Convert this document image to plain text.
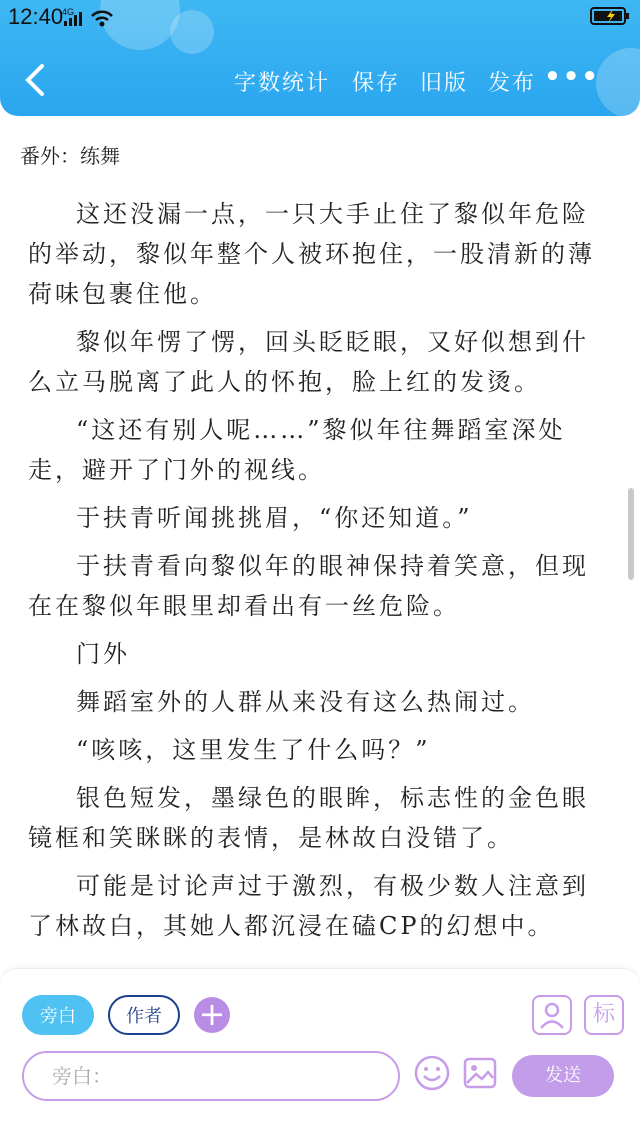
12:40
4G
字数统计 保存 旧版 发布 •••
番外：练舞

这还没漏一点，一只大手止住了黎似年危险的举动，黎似年整个人被环抱住，一股清新的薄荷味包裹住他。

黎似年愣了愣，回头眨眨眼，又好似想到什么立马脱离了此人的怀抱，脸上红的发烫。

“这还有别人呢……”黎似年往舞蹈室深处走，避开了门外的视线。

于扶青听闻挑挑眉，“你还知道。”

于扶青看向黎似年的眼神保持着笑意，但现在在黎似年眼里却看出有一丝危险。

门外

舞蹈室外的人群从来没有这么热闹过。

“咳咳，这里发生了什么吗？”

银色短发，墨绿色的眼眸，标志性的金色眼镜框和笑眯眯的表情，是林故白没错了。

可能是讨论声过于激烈，有极少数人注意到了林故白，其她人都沉浸在磕CP的幻想中。

旁白	作者	+	标
旁白：	发送
